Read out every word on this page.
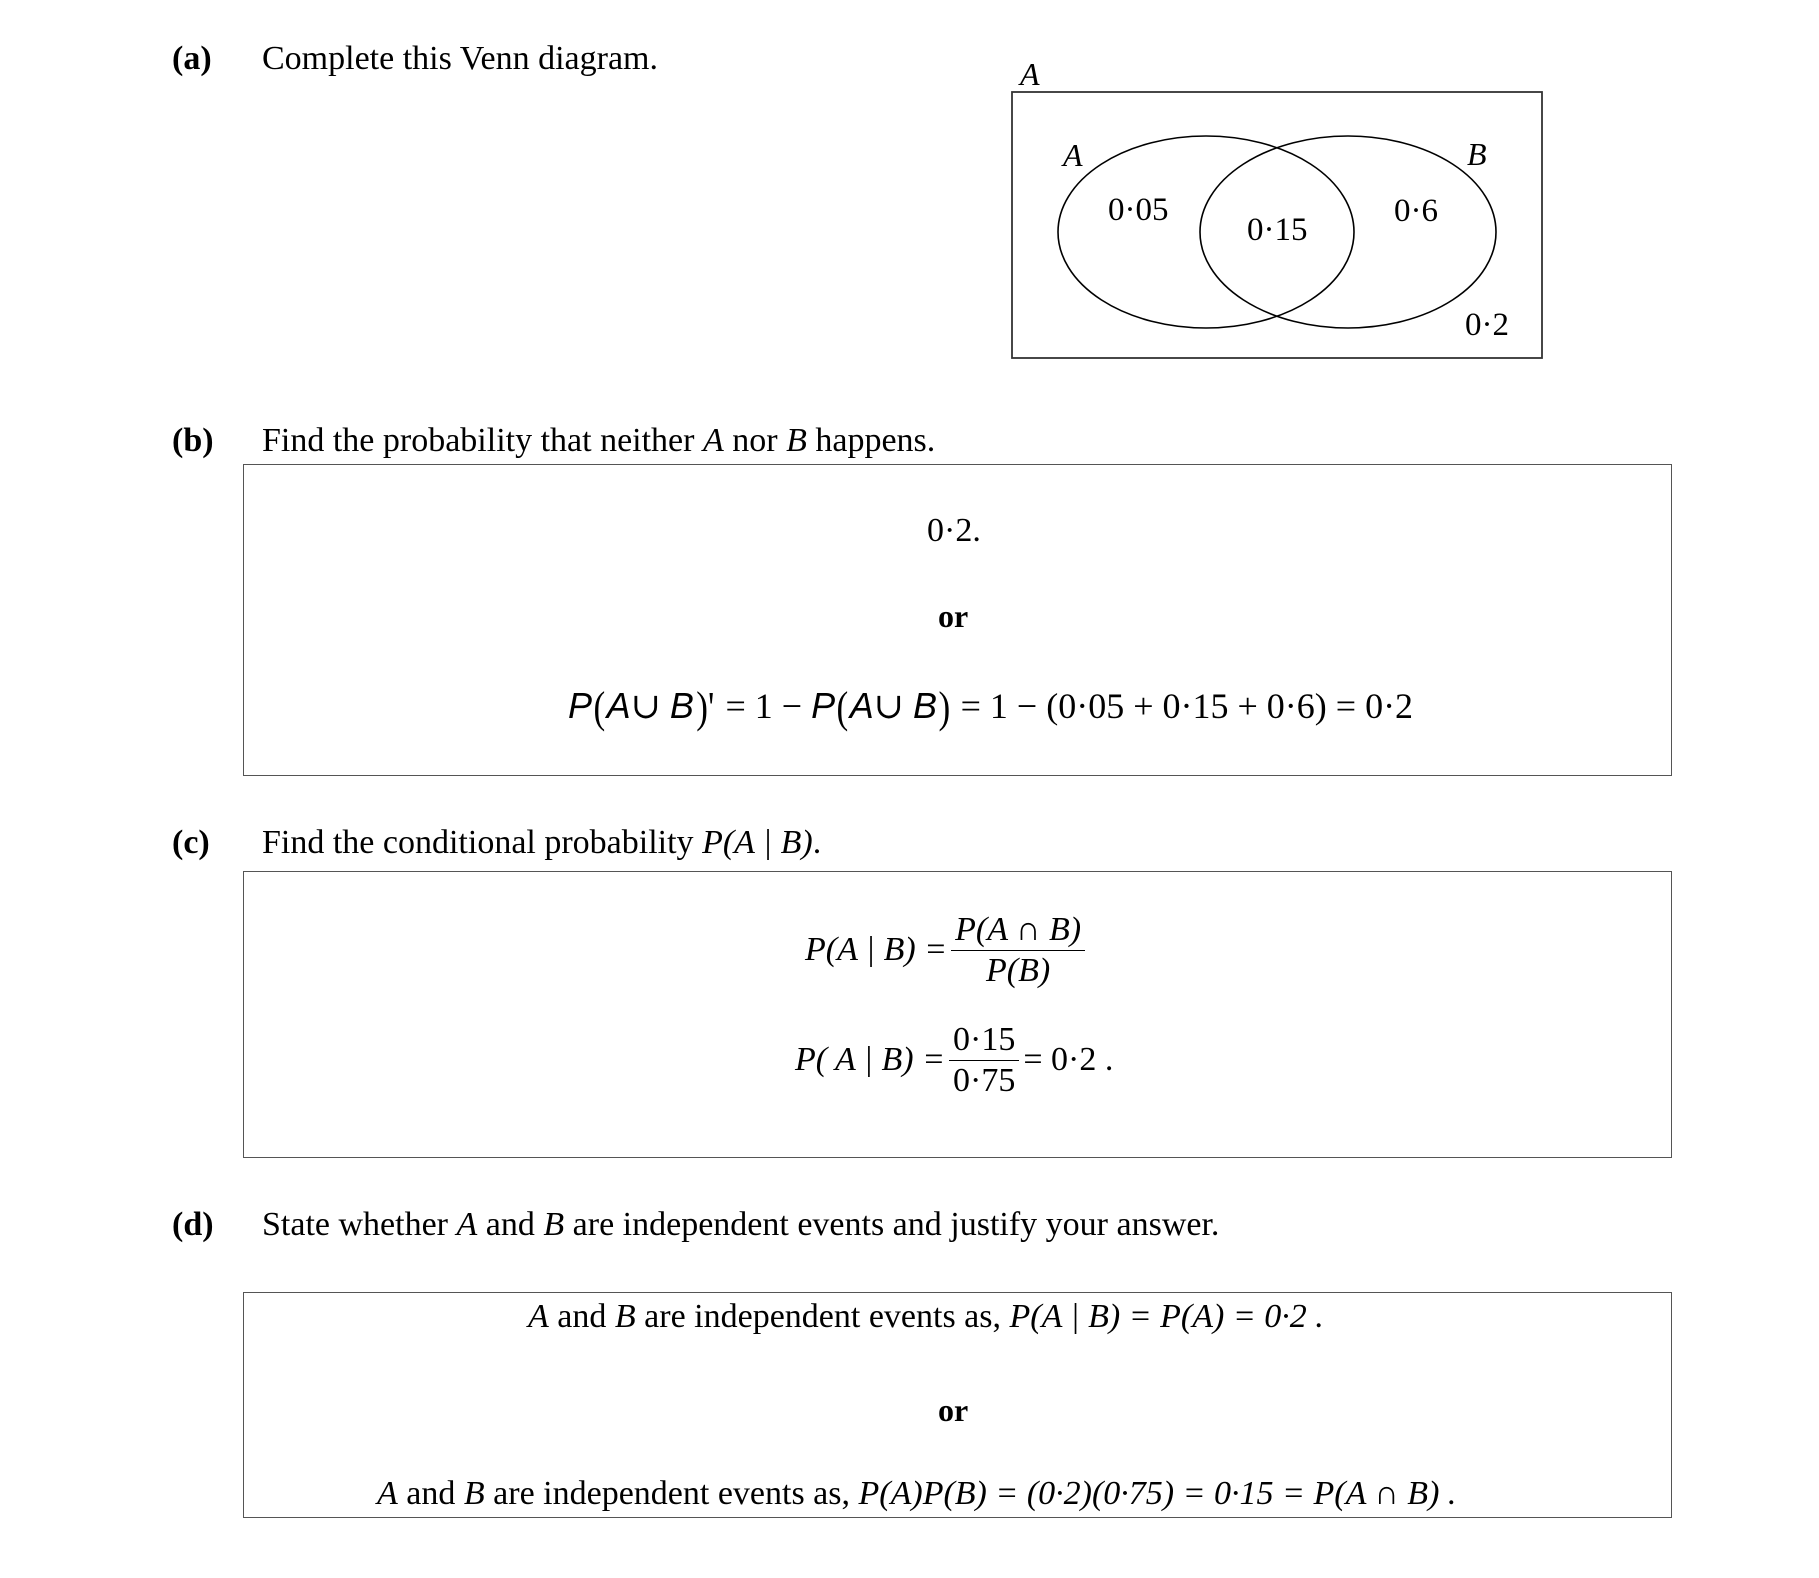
(a) Complete this Venn diagram.	A
A	B
0·05
0·15
0·6
0·2
(b) Find the probability that neither A nor B happens.
0·2.
or
P(A∪ B)' = 1 − P(A∪ B) = 1 − (0·05 + 0·15 + 0·6) = 0·2
(c) Find the conditional probability P(A | B).
P(A | $B) = \frac{P(A \cap B)}{P(B)}$
P( A | $B) = \frac{0\cdot 15}{0\cdot 75} = 0\cdot 2$ .
(d) State whether A and B are independent events and justify your answer.
A and B are independent events as, P(A | B) = P(A) = 0·2 .
or
A and B are independent events as, P(A)P(B) = (0·2)(0·75) = 0·15 = P(A ∩ B) .
